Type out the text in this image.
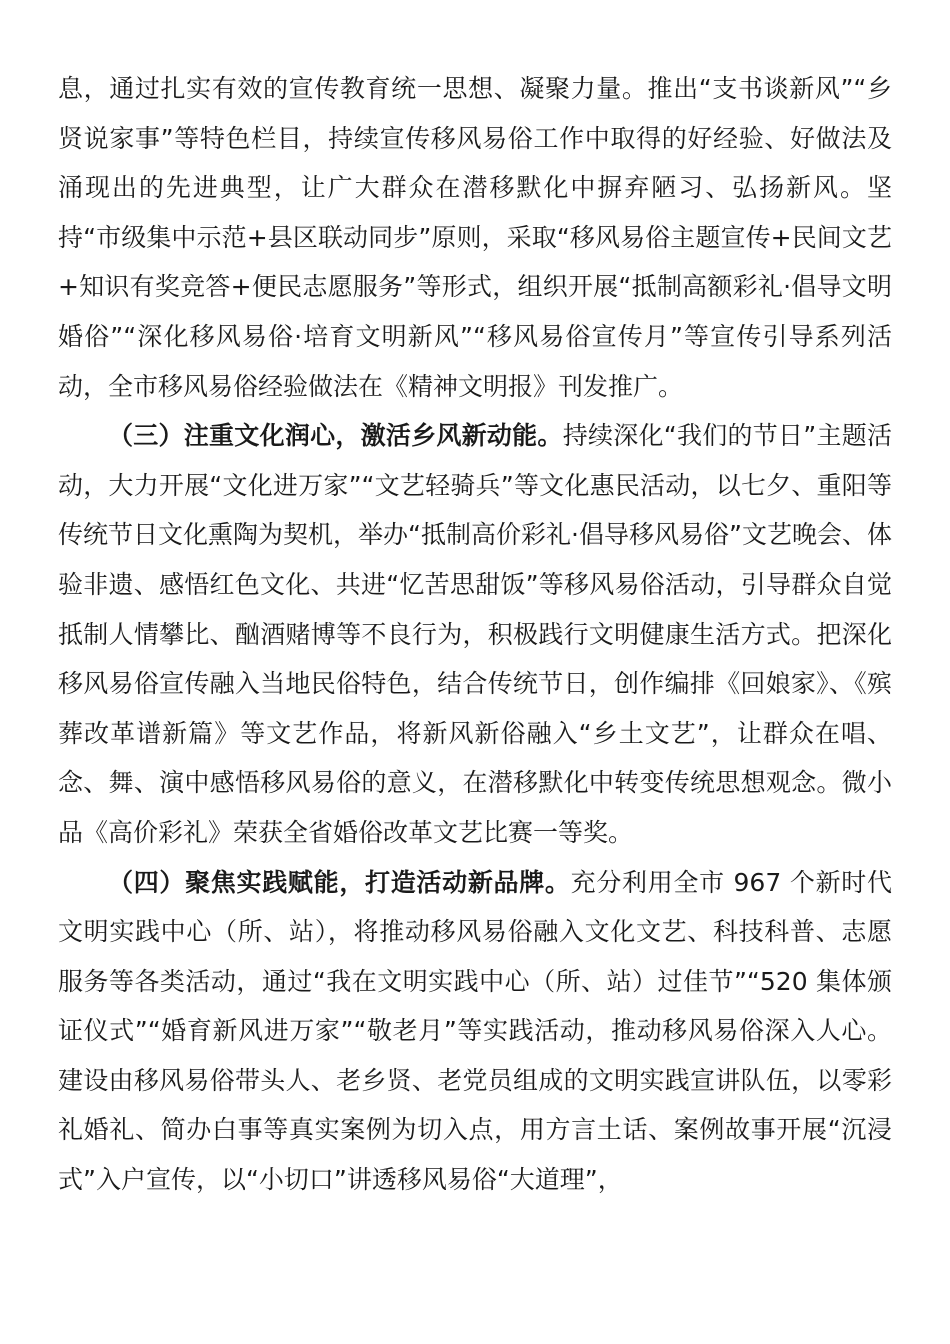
息，通过扎实有效的宣传教育统一思想、凝聚力量。推出“支书谈新风”“乡贤说家事”等特色栏目，持续宣传移风易俗工作中取得的好经验、好做法及涌现出的先进典型，让广大群众在潜移默化中摒弃陋习、弘扬新风。坚持“市级集中示范+县区联动同步”原则，采取“移风易俗主题宣传+民间文艺+知识有奖竞答+便民志愿服务”等形式，组织开展“抵制高额彩礼·倡导文明婚俗”“深化移风易俗·培育文明新风”“移风易俗宣传月”等宣传引导系列活动，全市移风易俗经验做法在《精神文明报》刊发推广。

（三）注重文化润心，激活乡风新动能。持续深化“我们的节日”主题活动，大力开展“文化进万家”“文艺轻骑兵”等文化惠民活动，以七夕、重阳等传统节日文化熏陶为契机，举办“抵制高价彩礼·倡导移风易俗”文艺晚会、体验非遗、感悟红色文化、共进“忆苦思甜饭”等移风易俗活动，引导群众自觉抵制人情攀比、酗酒赌博等不良行为，积极践行文明健康生活方式。把深化移风易俗宣传融入当地民俗特色，结合传统节日，创作编排《回娘家》、《殡葬改革谱新篇》等文艺作品，将新风新俗融入“乡土文艺”，让群众在唱、念、舞、演中感悟移风易俗的意义，在潜移默化中转变传统思想观念。微小品《高价彩礼》荣获全省婚俗改革文艺比赛一等奖。

（四）聚焦实践赋能，打造活动新品牌。充分利用全市 967 个新时代文明实践中心（所、站），将推动移风易俗融入文化文艺、科技科普、志愿服务等各类活动，通过“我在文明实践中心（所、站）过佳节”“520 集体颁证仪式”“婚育新风进万家”“敬老月”等实践活动，推动移风易俗深入人心。建设由移风易俗带头人、老乡贤、老党员组成的文明实践宣讲队伍，以零彩礼婚礼、简办白事等真实案例为切入点，用方言土话、案例故事开展“沉浸式”入户宣传，以“小切口”讲透移风易俗“大道理”，
